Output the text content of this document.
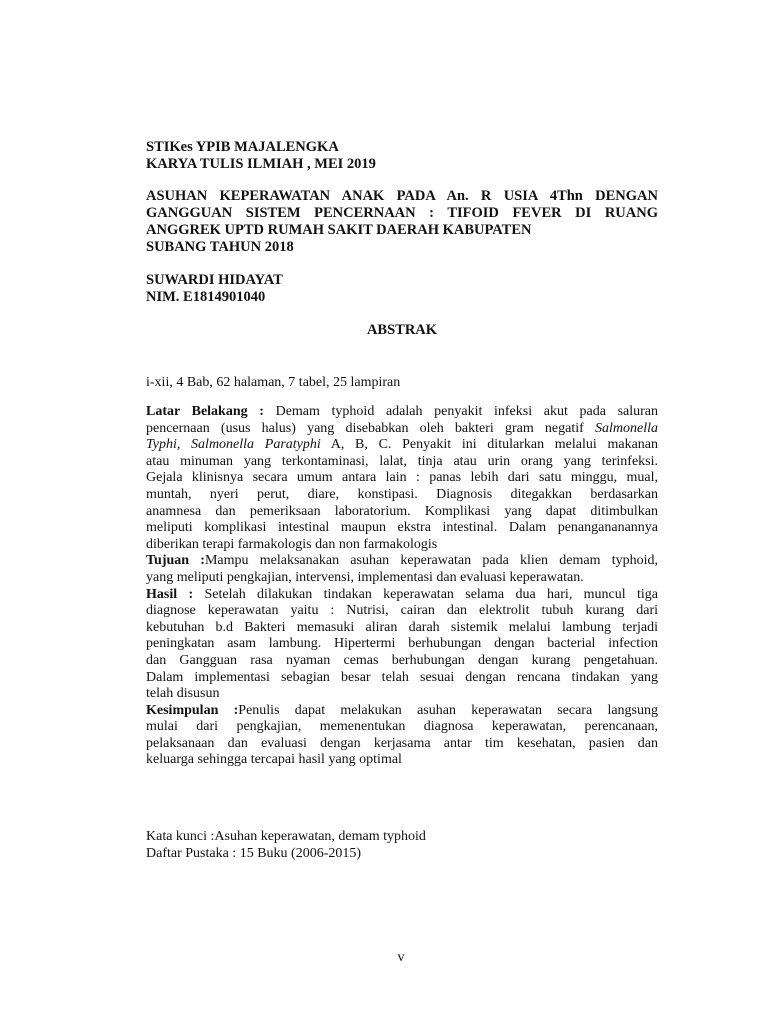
STIKes YPIB MAJALENGKA
KARYA TULIS ILMIAH , MEI 2019
ASUHAN KEPERAWATAN ANAK PADA An. R USIA 4Thn DENGAN
GANGGUAN SISTEM PENCERNAAN : TIFOID FEVER DI RUANG
ANGGREK UPTD RUMAH SAKIT DAERAH KABUPATEN
SUBANG TAHUN 2018
SUWARDI HIDAYAT
NIM. E1814901040
ABSTRAK
i-xii, 4 Bab, 62 halaman, 7 tabel, 25 lampiran
Latar Belakang : Demam typhoid adalah penyakit infeksi akut pada saluran
pencernaan (usus halus) yang disebabkan oleh bakteri gram negatif Salmonella
Typhi, Salmonella Paratyphi A, B, C. Penyakit ini ditularkan melalui makanan
atau minuman yang terkontaminasi, lalat, tinja atau urin orang yang terinfeksi.
Gejala klinisnya secara umum antara lain : panas lebih dari satu minggu, mual,
muntah, nyeri perut, diare, konstipasi. Diagnosis ditegakkan berdasarkan
anamnesa dan pemeriksaan laboratorium. Komplikasi yang dapat ditimbulkan
meliputi komplikasi intestinal maupun ekstra intestinal. Dalam penangananannya
diberikan terapi farmakologis dan non farmakologis
Tujuan :Mampu melaksanakan asuhan keperawatan pada klien demam typhoid,
yang meliputi pengkajian, intervensi, implementasi dan evaluasi keperawatan.
Hasil : Setelah dilakukan tindakan keperawatan selama dua hari, muncul tiga
diagnose keperawatan yaitu : Nutrisi, cairan dan elektrolit tubuh kurang dari
kebutuhan b.d Bakteri memasuki aliran darah sistemik melalui lambung terjadi
peningkatan asam lambung. Hipertermi berhubungan dengan bacterial infection
dan Gangguan rasa nyaman cemas berhubungan dengan kurang pengetahuan.
Dalam implementasi sebagian besar telah sesuai dengan rencana tindakan yang
telah disusun
Kesimpulan :Penulis dapat melakukan asuhan keperawatan secara langsung
mulai dari pengkajian, memenentukan diagnosa keperawatan, perencanaan,
pelaksanaan dan evaluasi dengan kerjasama antar tim kesehatan, pasien dan
keluarga sehingga tercapai hasil yang optimal
Kata kunci :Asuhan keperawatan, demam typhoid
Daftar Pustaka : 15 Buku (2006-2015)
v
